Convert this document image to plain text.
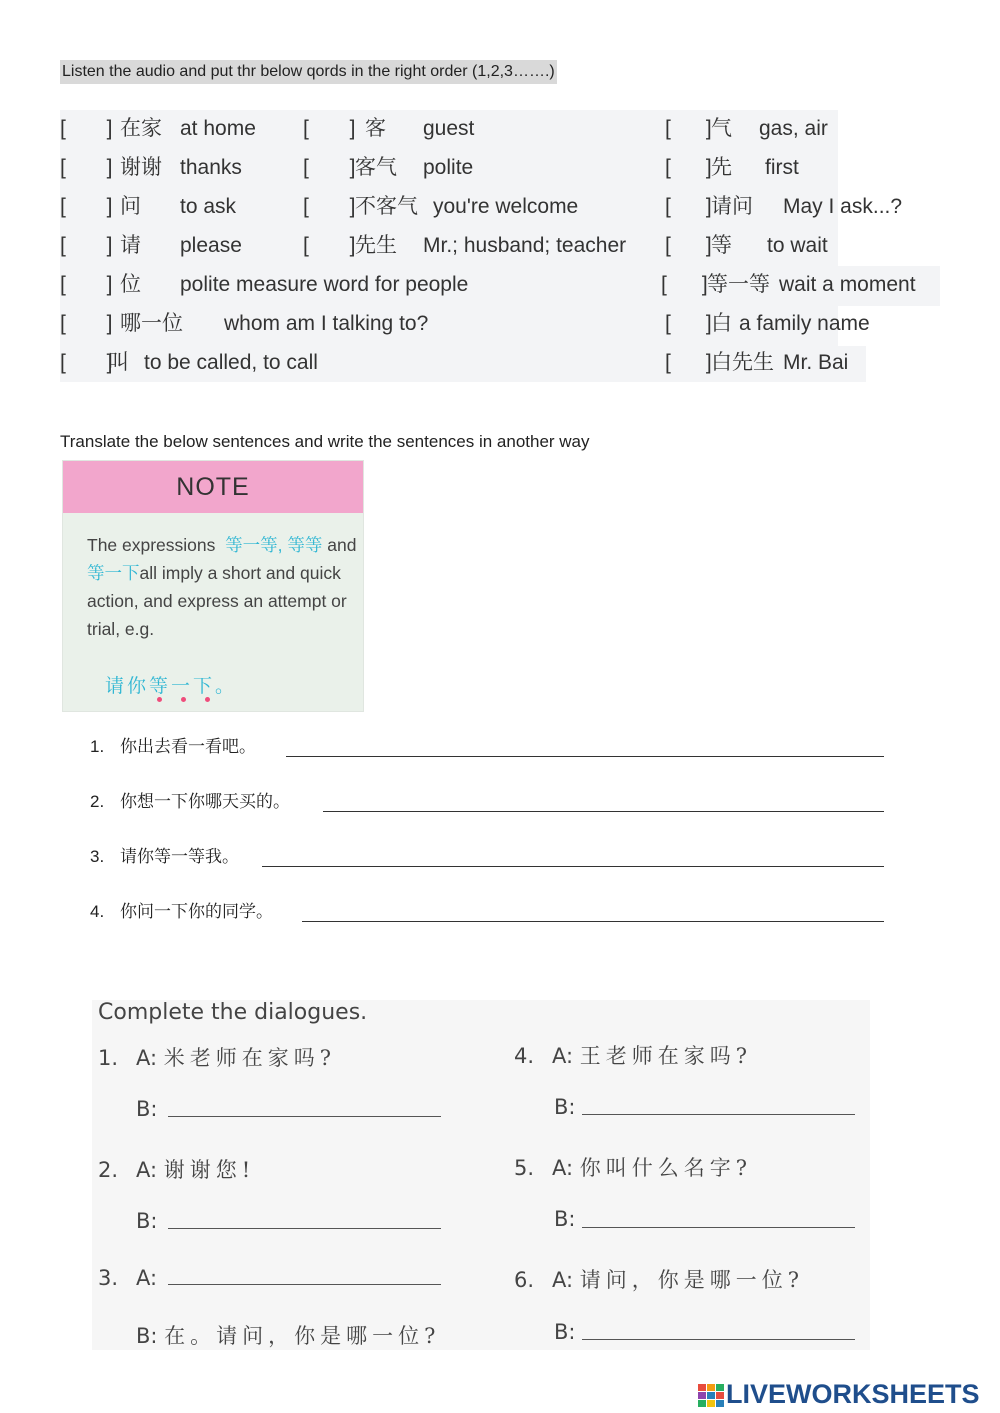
Listen the audio and put thr below qords in the right order (1,2,3…….)
[       ] 在家 at home [       ] 客 guest	[      ]气 gas, air
[       ] 谢谢 thanks	[       ]客气 polite	[      ]先 first
[       ] 问 to ask	[       ]不客气 you're welcome	[      ]请问 May I ask...?
[       ] 请 please	[       ]先生 Mr.; husband; teacher [      ]等 to wait
[       ] 位 polite measure word for people	[      ]等一等 wait a moment
[       ] 哪一位 whom am I talking to?	[      ]白 a family name
[       ]叫 to be called, to call	[      ]白先生 Mr. Bai
Translate the below sentences and write the sentences in another way
NOTE
The expressions 等一等, 等等 and 等一下all imply a short and quick action, and express an attempt or trial, e.g.
请你等一下。
1. 你出去看一看吧。
2. 你想一下你哪天买的。
3. 请你等一等我。
4. 你问一下你的同学。
Complete the dialogues.
1. A: 米老师在家吗?
B:
2. A: 谢谢您!
B:
3. A:
B: 在。请问，你是哪一位?
4. A: 王老师在家吗?
B:
5. A: 你叫什么名字?
B:
6. A: 请问，你是哪一位?
B:
LIVEWORKSHEETS
